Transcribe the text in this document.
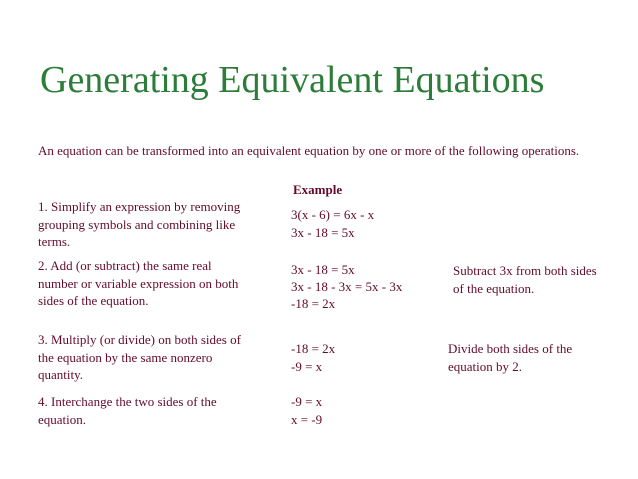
Generating Equivalent Equations
An equation can be transformed into an equivalent equation by one or more of the following operations.
Example
1. Simplify an expression by removing grouping symbols and combining like terms.
3(x - 6) = 6x - x
3x - 18 = 5x
2. Add (or subtract) the same real number or variable expression on both sides of the equation.
3x - 18 = 5x
3x - 18 - 3x = 5x - 3x
-18 = 2x
Subtract 3x from both sides of the equation.
3. Multiply (or divide) on both sides of the equation by the same nonzero quantity.
-18 = 2x
-9 = x
Divide both sides of the equation by 2.
4. Interchange the two sides of the equation.
-9 = x
x = -9
